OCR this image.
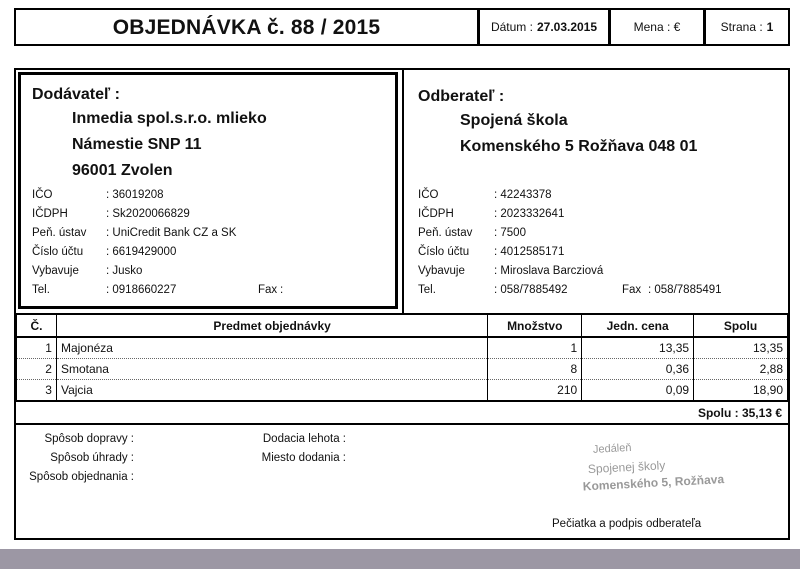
OBJEDNÁVKA č. 88 / 2015	Dátum : 27.03.2015	Mena : €	Strana : 1
Dodávateľ :
Inmedia spol.s.r.o. mlieko
Námestie SNP 11
96001 Zvolen
IČO	: 36019208
IČDPH	: Sk2020066829
Peň. ústav : UniCredit Bank CZ a SK
Číslo účtu : 6619429000
Vybavuje : Jusko
Tel.	: 0918660227	Fax :
Odberateľ :
Spojená škola
Komenského 5 Rožňava 048 01
IČO	: 42243378
IČDPH	: 2023332641
Peň. ústav : 7500
Číslo účtu : 4012585171
Vybavuje	: Miroslava Barcziová
Tel.	: 058/7885492	Fax : 058/7885491
Č.	Predmet objednávky	Množstvo	Jedn. cena	Spolu
1	Majonéza	1	13,35	13,35
2	Smotana	8	0,36	2,88
3	Vajcia	210	0,09	18,90
Spolu : 35,13 €
Spôsob dopravy :
Spôsob úhrady :
Spôsob objednania :
Dodacia lehota :
Miesto dodania :
Jedáleň
Spojenej školy
Komenského 5, Rožňava
Pečiatka a podpis odberateľa
